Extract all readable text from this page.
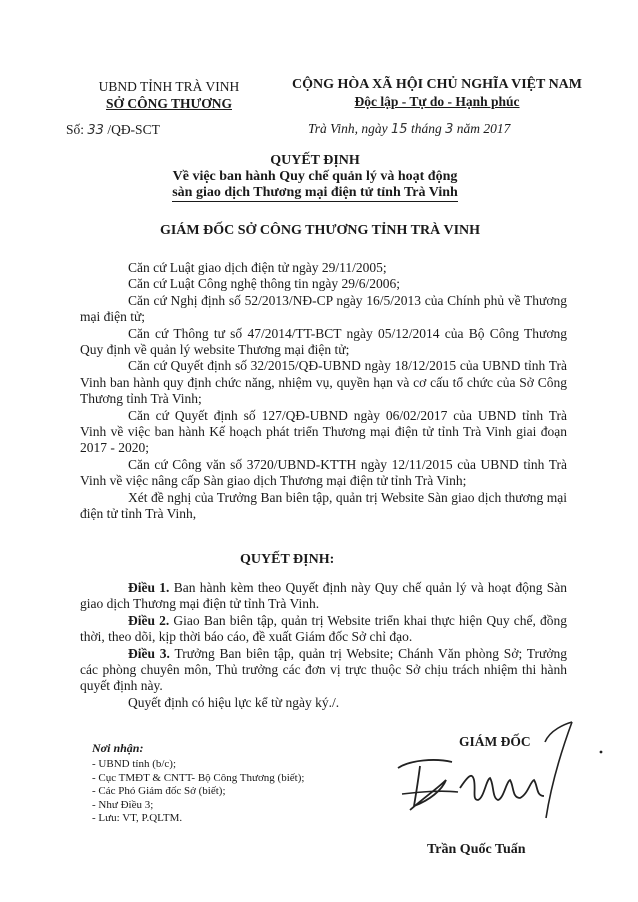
UBND TỈNH TRÀ VINH
SỞ CÔNG THƯƠNG
CỘNG HÒA XÃ HỘI CHỦ NGHĨA VIỆT NAM
Độc lập - Tự do - Hạnh phúc
Số: 33 /QĐ-SCT	Trà Vinh, ngày 15 tháng 3 năm 2017
QUYẾT ĐỊNH
Về việc ban hành Quy chế quản lý và hoạt động
sàn giao dịch Thương mại điện tử tỉnh Trà Vinh
GIÁM ĐỐC SỞ CÔNG THƯƠNG TỈNH TRÀ VINH

Căn cứ Luật giao dịch điện tử ngày 29/11/2005;

Căn cứ Luật Công nghệ thông tin ngày 29/6/2006;

Căn cứ Nghị định số 52/2013/NĐ-CP ngày 16/5/2013 của Chính phủ về Thương mại điện tử;

Căn cứ Thông tư số 47/2014/TT-BCT ngày 05/12/2014 của Bộ Công Thương Quy định về quản lý website Thương mại điện tử;

Căn cứ Quyết định số 32/2015/QĐ-UBND ngày 18/12/2015 của UBND tỉnh Trà Vinh ban hành quy định chức năng, nhiệm vụ, quyền hạn và cơ cấu tổ chức của Sở Công Thương tỉnh Trà Vinh;

Căn cứ Quyết định số 127/QĐ-UBND ngày 06/02/2017 của UBND tỉnh Trà Vinh về việc ban hành Kế hoạch phát triển Thương mại điện tử tỉnh Trà Vinh giai đoạn 2017 - 2020;

Căn cứ Công văn số 3720/UBND-KTTH ngày 12/11/2015 của UBND tỉnh Trà Vinh về việc nâng cấp Sàn giao dịch Thương mại điện tử tỉnh Trà Vinh;

Xét đề nghị của Trưởng Ban biên tập, quản trị Website Sàn giao dịch thương mại điện tử tỉnh Trà Vinh,

QUYẾT ĐỊNH:

Điều 1. Ban hành kèm theo Quyết định này Quy chế quản lý và hoạt động Sàn giao dịch Thương mại điện tử tỉnh Trà Vinh.

Điều 2. Giao Ban biên tập, quản trị Website triển khai thực hiện Quy chế, đồng thời, theo dõi, kịp thời báo cáo, đề xuất Giám đốc Sở chỉ đạo.

Điều 3. Trưởng Ban biên tập, quản trị Website; Chánh Văn phòng Sở; Trưởng các phòng chuyên môn, Thủ trưởng các đơn vị trực thuộc Sở chịu trách nhiệm thi hành quyết định này.

Quyết định có hiệu lực kể từ ngày ký./.

Nơi nhận:
- UBND tỉnh (b/c);
- Cục TMĐT & CNTT- Bộ Công Thương (biết);
- Các Phó Giám đốc Sở (biết);
- Như Điều 3;
- Lưu: VT, P.QLTM.
GIÁM ĐỐC
Trần Quốc Tuấn
